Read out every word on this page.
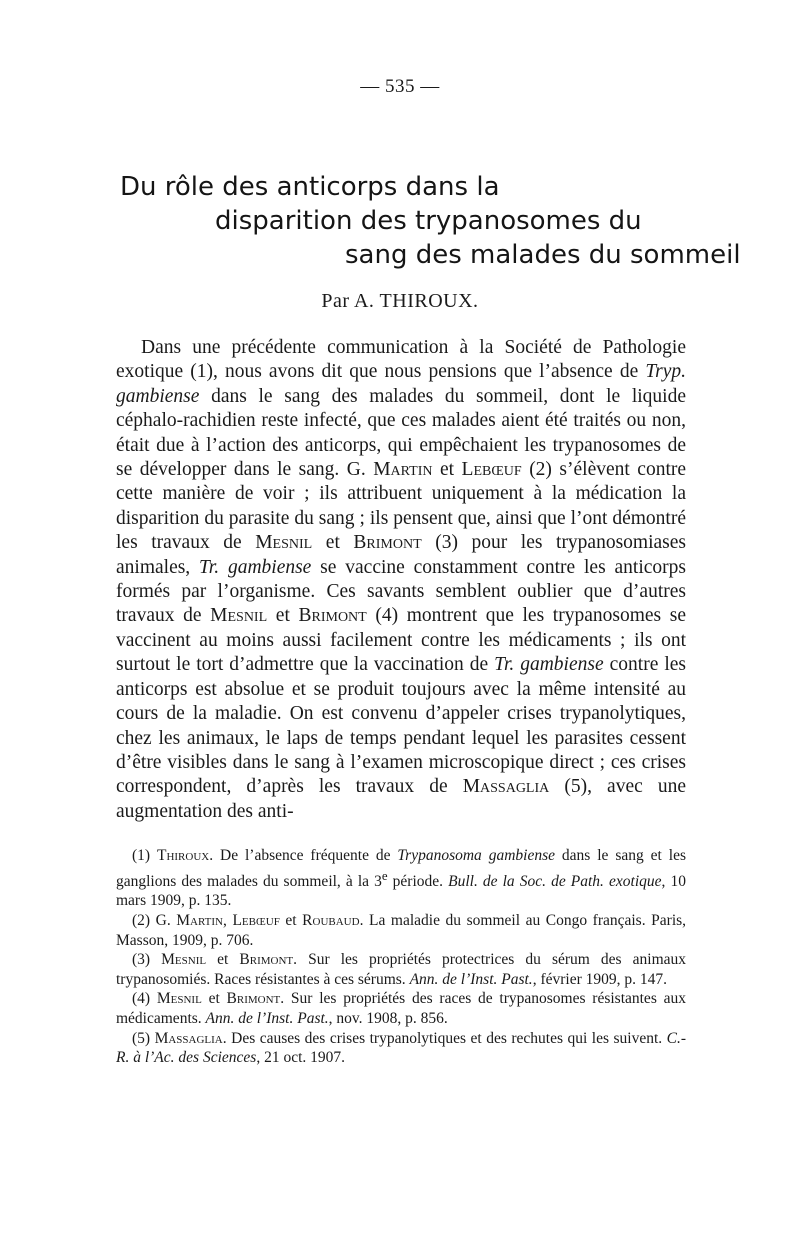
— 535 —
Du rôle des anticorps dans la
disparition des trypanosomes du
sang des malades du sommeil
Par A. THIROUX.

Dans une précédente communication à la Société de Pathologie exotique (1), nous avons dit que nous pensions que l’absence de Tryp. gambiense dans le sang des malades du sommeil, dont le liquide céphalo-rachidien reste infecté, que ces malades aient été traités ou non, était due à l’action des anticorps, qui empêchaient les trypanosomes de se développer dans le sang. G. Martin et Lebœuf (2) s’élèvent contre cette manière de voir ; ils attribuent uniquement à la médication la disparition du parasite du sang ; ils pensent que, ainsi que l’ont démontré les travaux de Mesnil et Brimont (3) pour les trypanosomiases animales, Tr. gambiense se vaccine constamment contre les anticorps formés par l’organisme. Ces savants semblent oublier que d’autres travaux de Mesnil et Brimont (4) montrent que les trypanosomes se vaccinent au moins aussi facilement contre les médicaments ; ils ont surtout le tort d’admettre que la vaccination de Tr. gambiense contre les anticorps est absolue et se produit toujours avec la même intensité au cours de la maladie. On est convenu d’appeler crises trypanolytiques, chez les animaux, le laps de temps pendant lequel les parasites cessent d’être visibles dans le sang à l’examen microscopique direct ; ces crises correspondent, d’après les travaux de Massaglia (5), avec une augmentation des anti-

(1) Thiroux. De l’absence fréquente de Trypanosoma gambiense dans le sang et les ganglions des malades du sommeil, à la 3e période. Bull. de la Soc. de Path. exotique, 10 mars 1909, p. 135.

(2) G. Martin, Lebœuf et Roubaud. La maladie du sommeil au Congo français. Paris, Masson, 1909, p. 706.

(3) Mesnil et Brimont. Sur les propriétés protectrices du sérum des animaux trypanosomiés. Races résistantes à ces sérums. Ann. de l’Inst. Past., février 1909, p. 147.

(4) Mesnil et Brimont. Sur les propriétés des races de trypanosomes résistantes aux médicaments. Ann. de l’Inst. Past., nov. 1908, p. 856.

(5) Massaglia. Des causes des crises trypanolytiques et des rechutes qui les suivent. C.-R. à l’Ac. des Sciences, 21 oct. 1907.
